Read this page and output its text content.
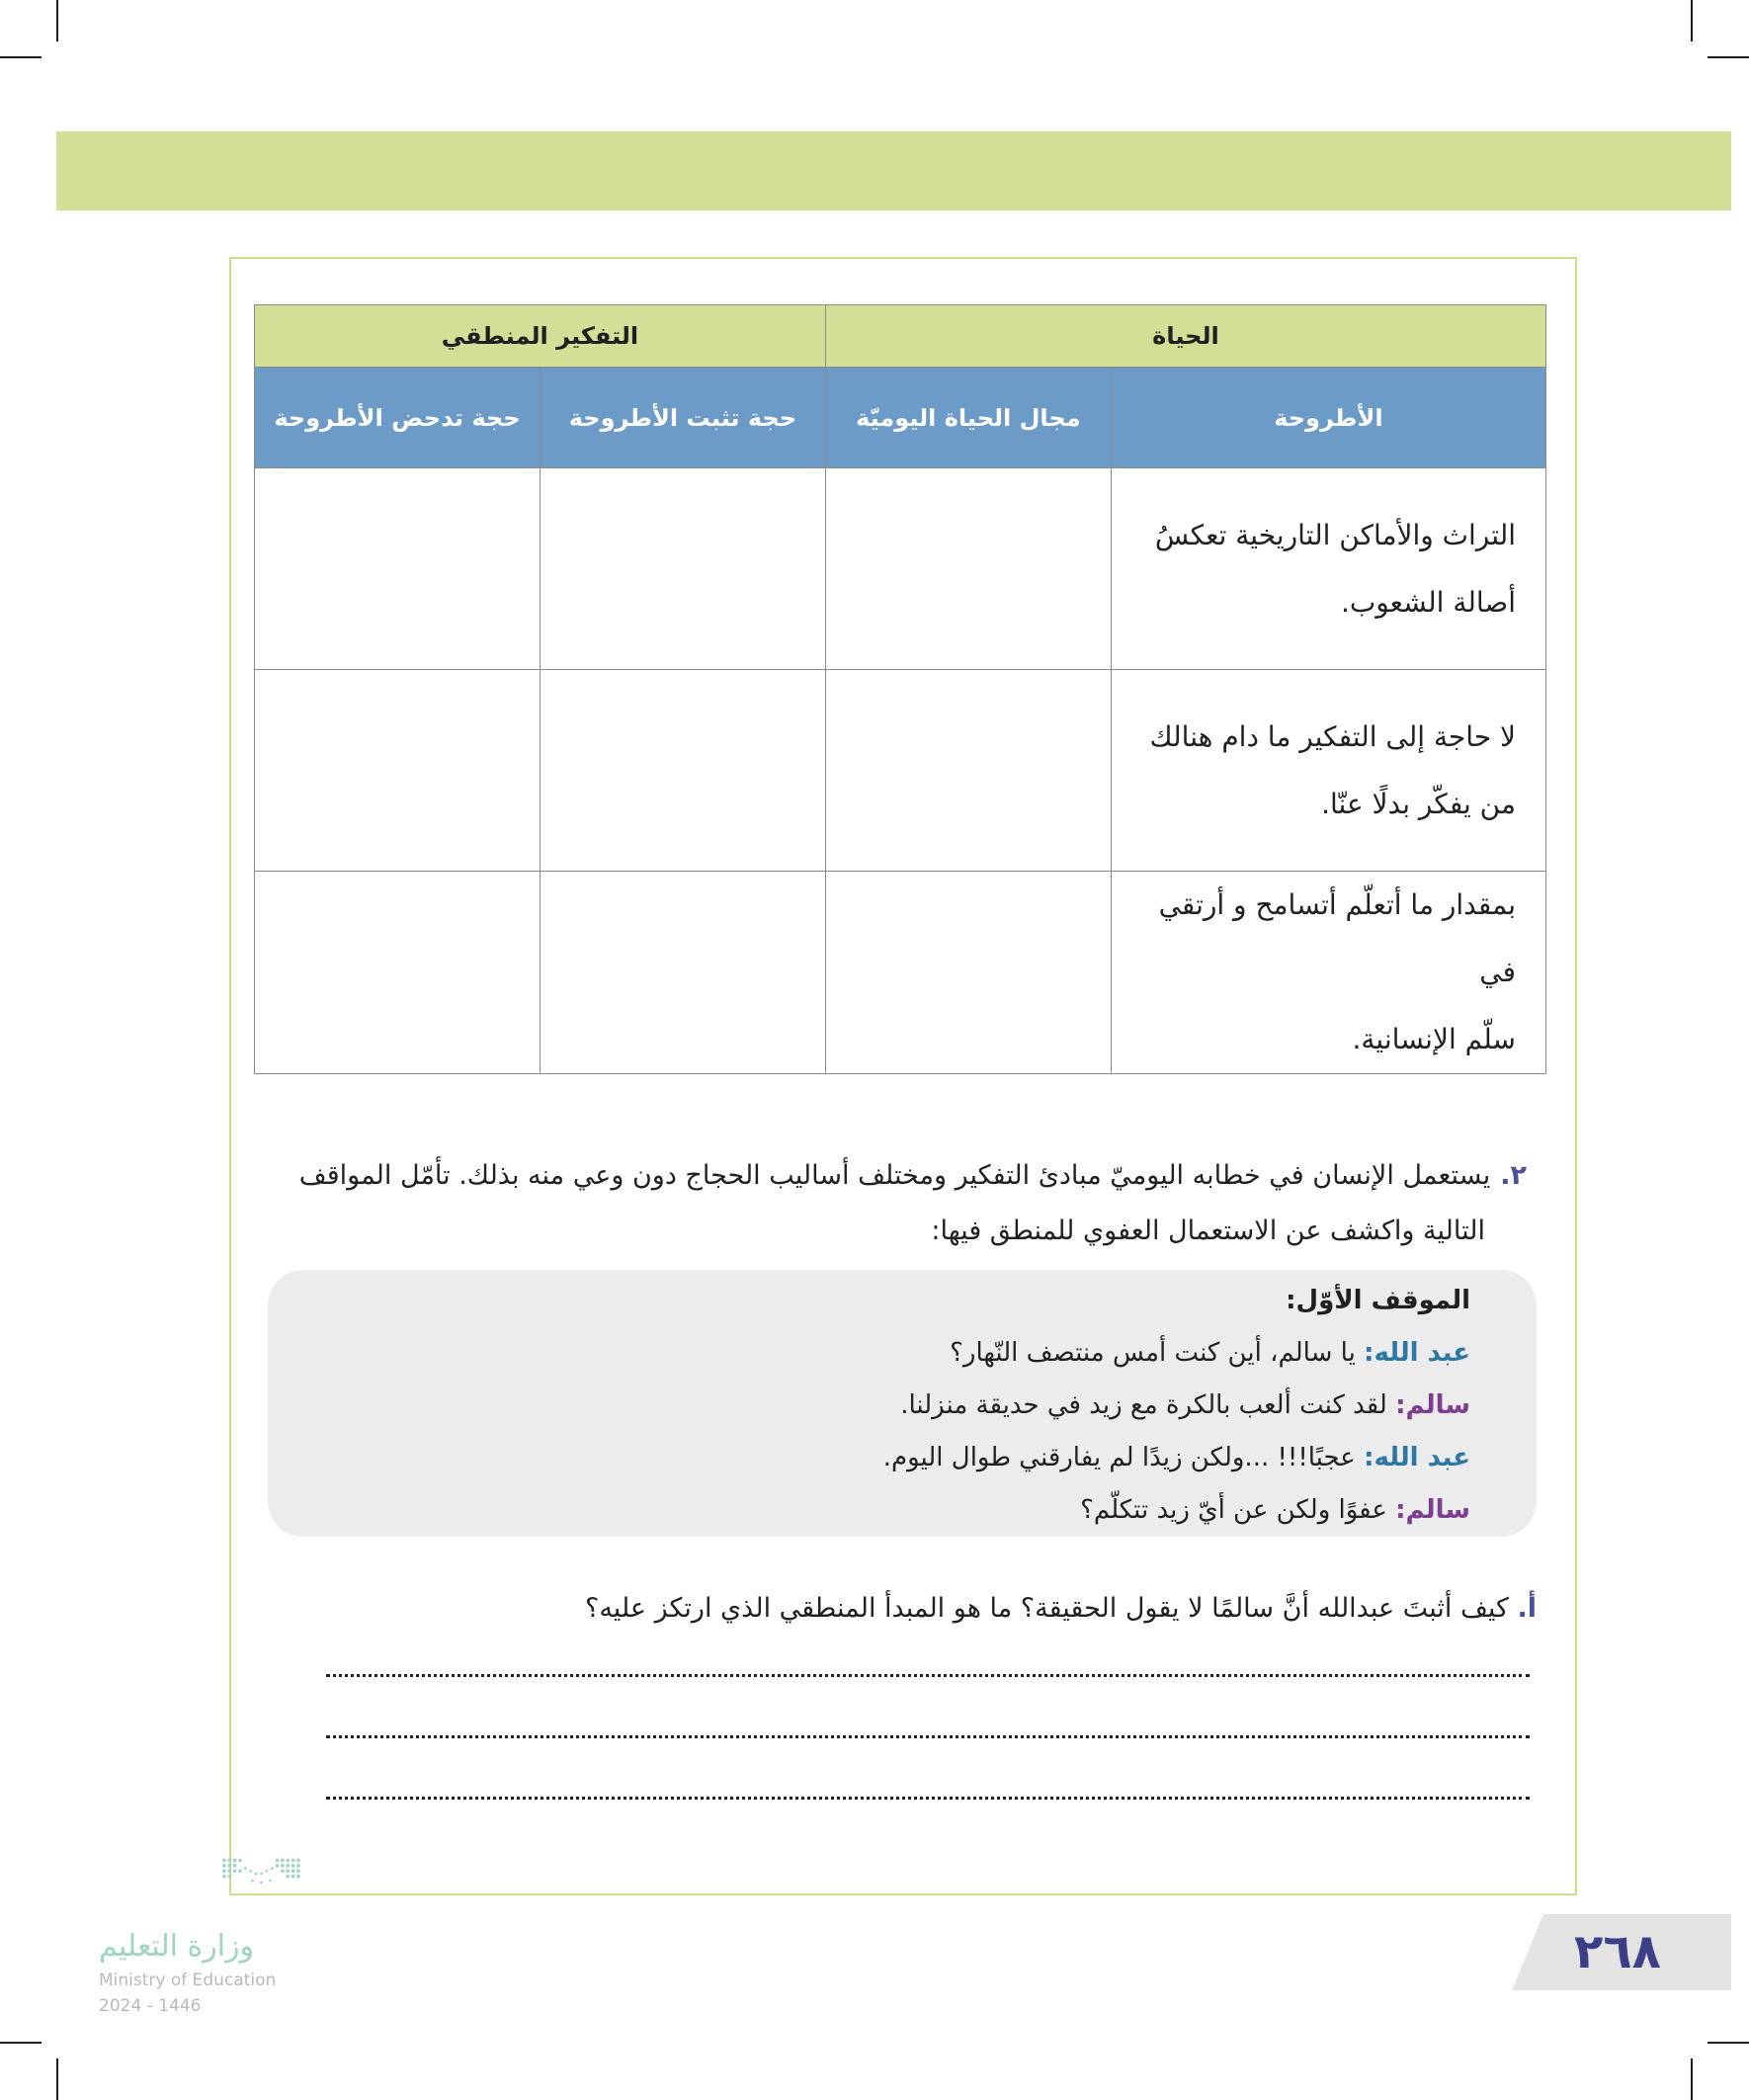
الحياة		التفكير المنطقي	
الأطروحة	مجال الحياة اليوميّة	حجة تثبت الأطروحة	حجة تدحض الأطروحة

التراث والأماكن التاريخية تعكسُ
أصالة الشعوب.			

لا حاجة إلى التفكير ما دام هنالك
من يفكّر بدلًا عنّا.			

بمقدار ما أتعلّم أتسامح و أرتقي في
سلّم الإنسانية.			

٢.يستعمل الإنسان في خطابه اليوميّ مبادئ التفكير ومختلف أساليب الحجاج دون وعي منه بذلك. تأمّل المواقف
التالية واكشف عن الاستعمال العفوي للمنطق فيها:
الموقف الأوّل:
عبد الله: يا سالم، أين كنت أمس منتصف النّهار؟
سالم: لقد كنت ألعب بالكرة مع زيد في حديقة منزلنا.
عبد الله: عجبًا!!! ...ولكن زيدًا لم يفارقني طوال اليوم.
سالم: عفوًا ولكن عن أيّ زيد تتكلّم؟
أ. كيف أثبتَ عبدالله أنَّ سالمًا لا يقول الحقيقة؟ ما هو المبدأ المنطقي الذي ارتكز عليه؟
وزارة التعليم
Ministry of Education
2024 - 1446
٢٦٨
